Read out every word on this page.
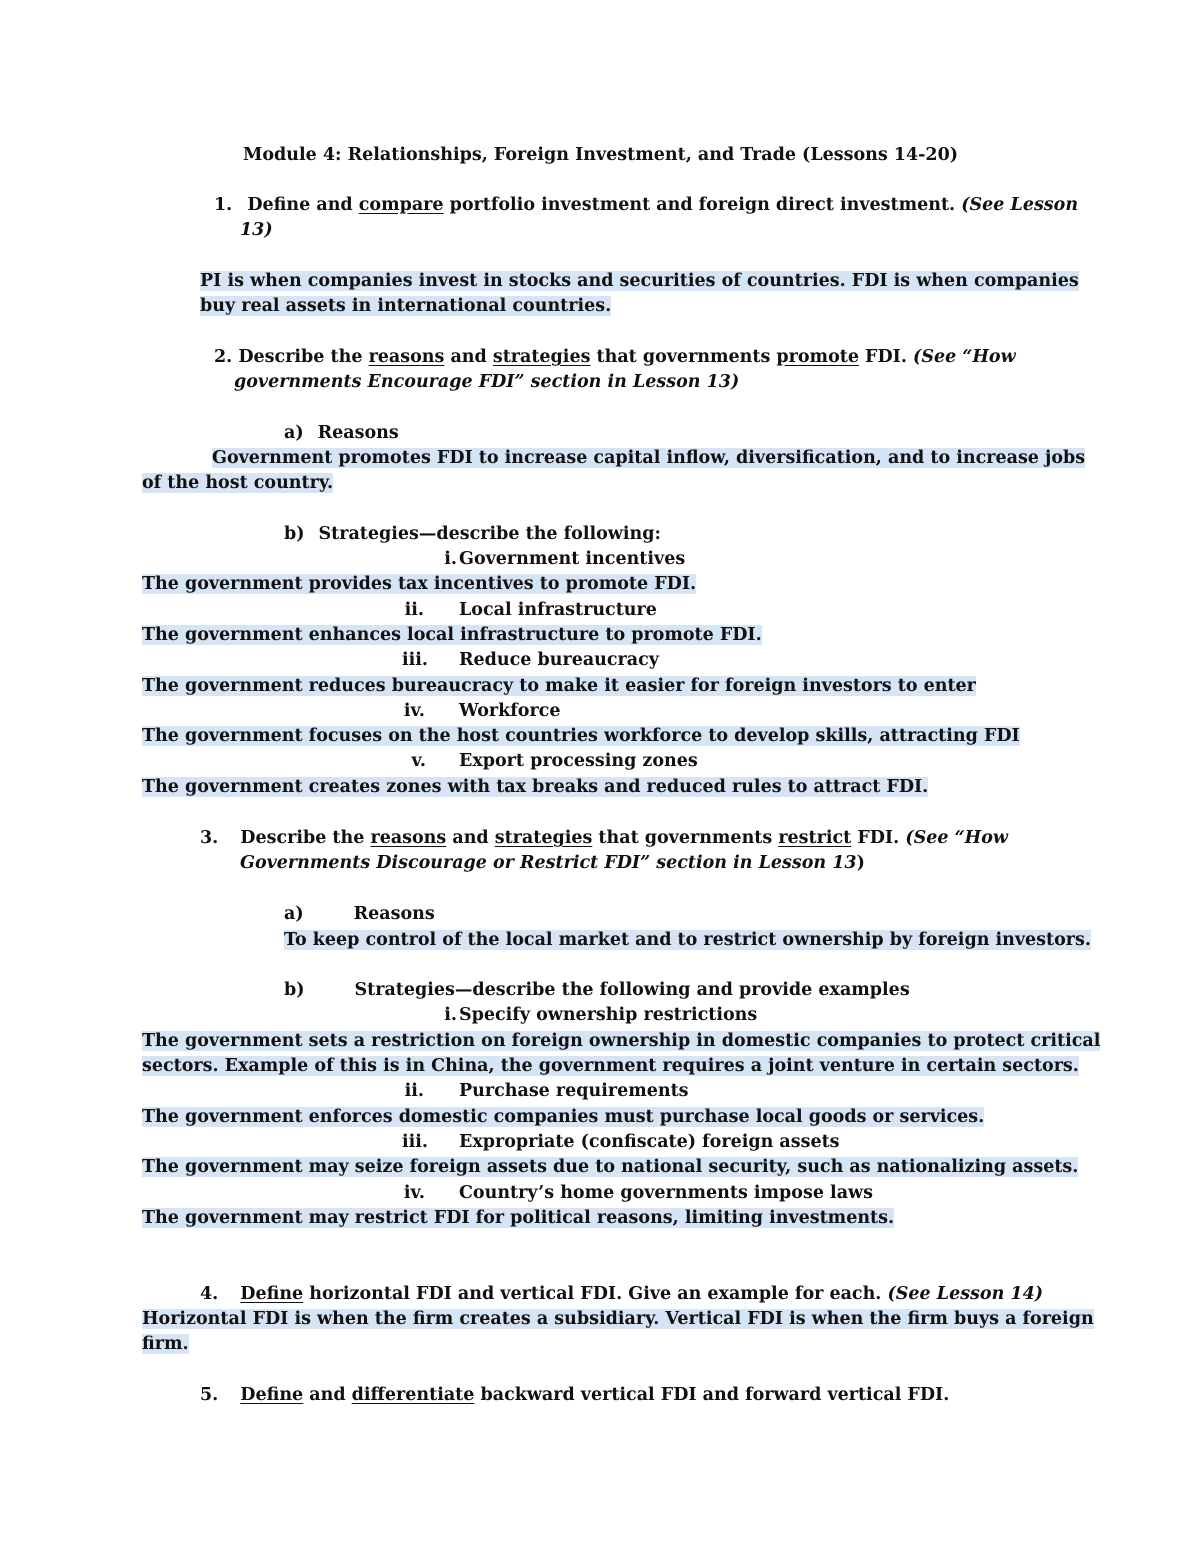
Module 4: Relationships, Foreign Investment, and Trade (Lessons 14-20)
1. Define and compare portfolio investment and foreign direct investment. (See Lesson
13)
PI is when companies invest in stocks and securities of countries. FDI is when companies
buy real assets in international countries.
2. Describe the reasons and strategies that governments promote FDI. (See “How
governments Encourage FDI” section in Lesson 13)
a) Reasons
Government promotes FDI to increase capital inflow, diversification, and to increase jobs
of the host country.
b) Strategies—describe the following:
i. Government incentives
The government provides tax incentives to promote FDI.
ii. Local infrastructure
The government enhances local infrastructure to promote FDI.
iii. Reduce bureaucracy
The government reduces bureaucracy to make it easier for foreign investors to enter
iv. Workforce
The government focuses on the host countries workforce to develop skills, attracting FDI
v. Export processing zones
The government creates zones with tax breaks and reduced rules to attract FDI.
3. Describe the reasons and strategies that governments restrict FDI. (See “How
Governments Discourage or Restrict FDI” section in Lesson 13)
a)	Reasons
To keep control of the local market and to restrict ownership by foreign investors.
b)	Strategies—describe the following and provide examples
i. Specify ownership restrictions
The government sets a restriction on foreign ownership in domestic companies to protect critical
sectors. Example of this is in China, the government requires a joint venture in certain sectors.
ii. Purchase requirements
The government enforces domestic companies must purchase local goods or services.
iii. Expropriate (confiscate) foreign assets
The government may seize foreign assets due to national security, such as nationalizing assets.
iv. Country’s home governments impose laws
The government may restrict FDI for political reasons, limiting investments.
4. Define horizontal FDI and vertical FDI. Give an example for each. (See Lesson 14)
Horizontal FDI is when the firm creates a subsidiary. Vertical FDI is when the firm buys a foreign
firm.
5. Define and differentiate backward vertical FDI and forward vertical FDI.
